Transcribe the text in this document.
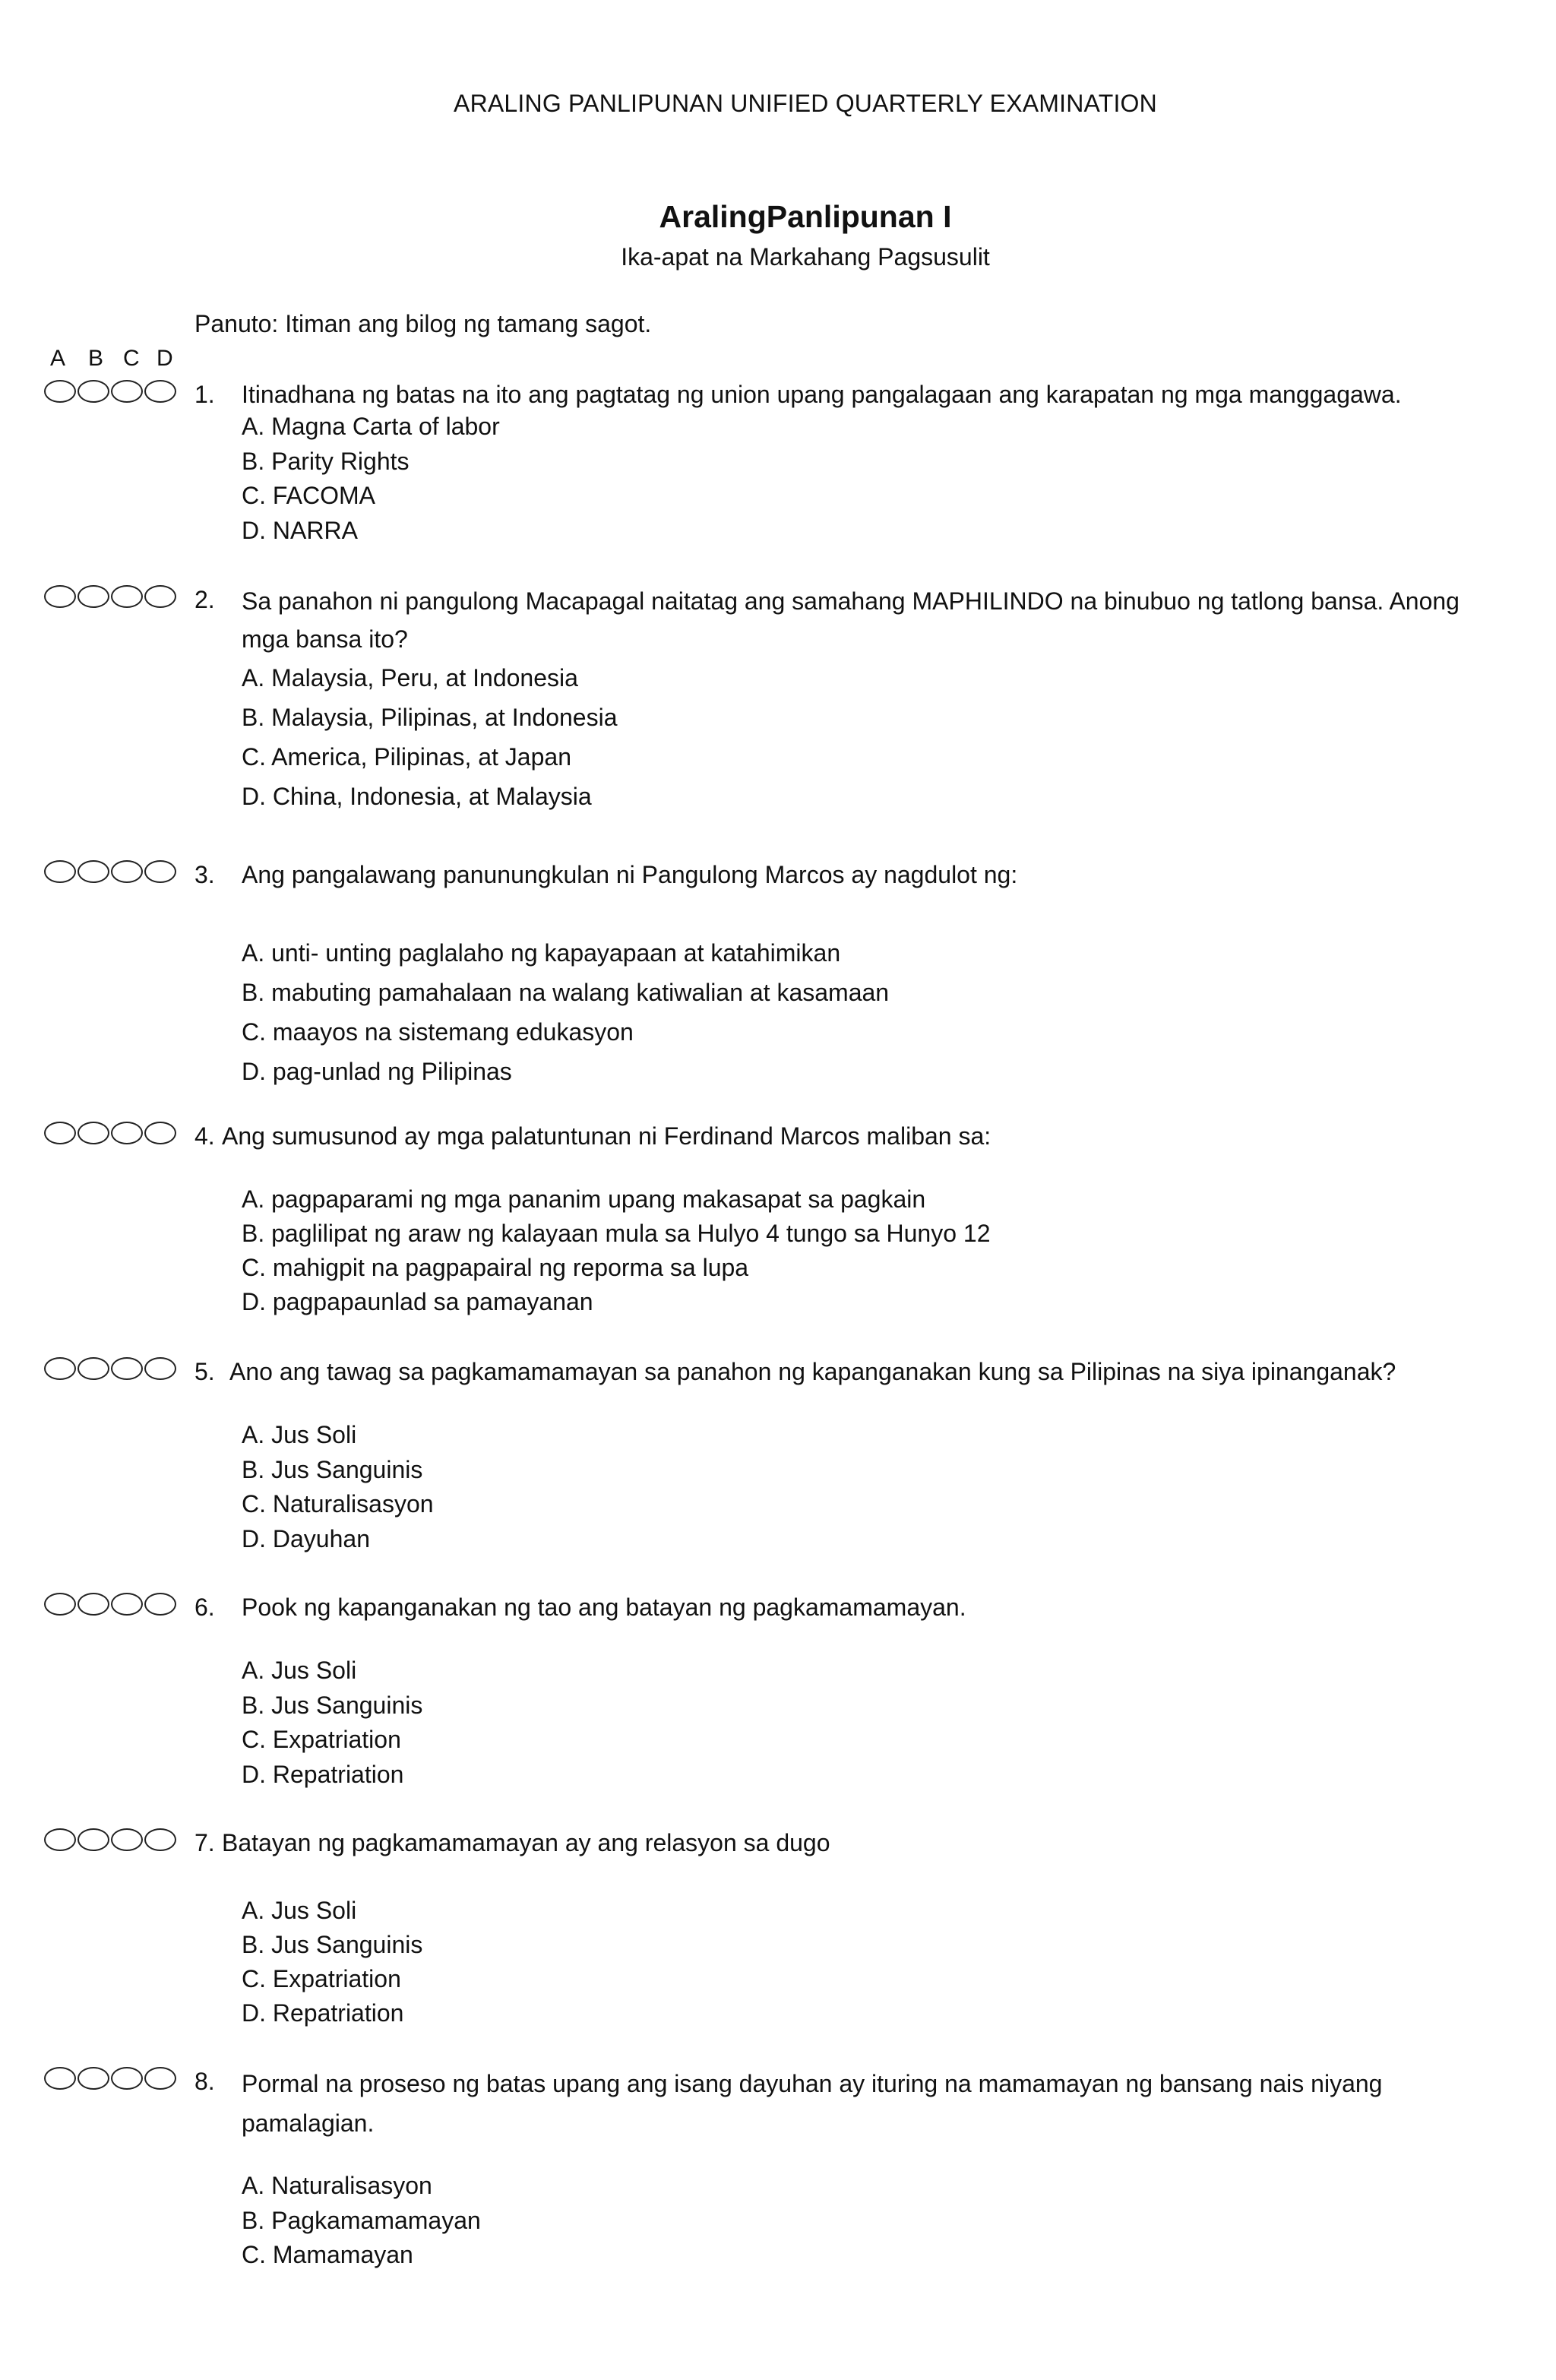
ARALING PANLIPUNAN UNIFIED QUARTERLY EXAMINATION
AralingPanlipunan I
Ika-apat na Markahang Pagsusulit
Panuto: Itiman ang bilog ng tamang sagot.
A B C D
1. Itinadhana ng batas na ito ang pagtatag ng union upang pangalagaan ang karapatan ng mga manggagawa.
A. Magna Carta of labor
B. Parity Rights
C. FACOMA
D. NARRA
2. Sa panahon ni pangulong Macapagal naitatag ang samahang MAPHILINDO na binubuo ng tatlong bansa. Anong mga bansa ito?
A. Malaysia, Peru, at Indonesia
B. Malaysia, Pilipinas, at Indonesia
C. America, Pilipinas, at Japan
D. China, Indonesia, at Malaysia
3. Ang pangalawang panunungkulan ni Pangulong Marcos ay nagdulot ng:
A. unti- unting paglalaho ng kapayapaan at katahimikan
B. mabuting pamahalaan na walang katiwalian at kasamaan
C. maayos na sistemang edukasyon
D. pag-unlad ng Pilipinas
4. Ang sumusunod ay mga palatuntunan ni Ferdinand Marcos maliban sa:
A. pagpaparami ng mga pananim upang makasapat sa pagkain
B. paglilipat ng araw ng kalayaan mula sa Hulyo 4 tungo sa Hunyo 12
C. mahigpit na pagpapairal ng reporma sa lupa
D. pagpapaunlad sa pamayanan
5. Ano ang tawag sa pagkamamamayan sa panahon ng kapanganakan kung sa Pilipinas na siya ipinanganak?
A. Jus Soli
B. Jus Sanguinis
C. Naturalisasyon
D. Dayuhan
6. Pook ng kapanganakan ng tao ang batayan ng pagkamamamayan.
A. Jus Soli
B. Jus Sanguinis
C. Expatriation
D. Repatriation
7. Batayan ng pagkamamamayan ay ang relasyon sa dugo
A. Jus Soli
B. Jus Sanguinis
C. Expatriation
D. Repatriation
8. Pormal na proseso ng batas upang ang isang dayuhan ay ituring na mamamayan ng bansang nais niyang pamalagian.
A. Naturalisasyon
B. Pagkamamamayan
C. Mamamayan
